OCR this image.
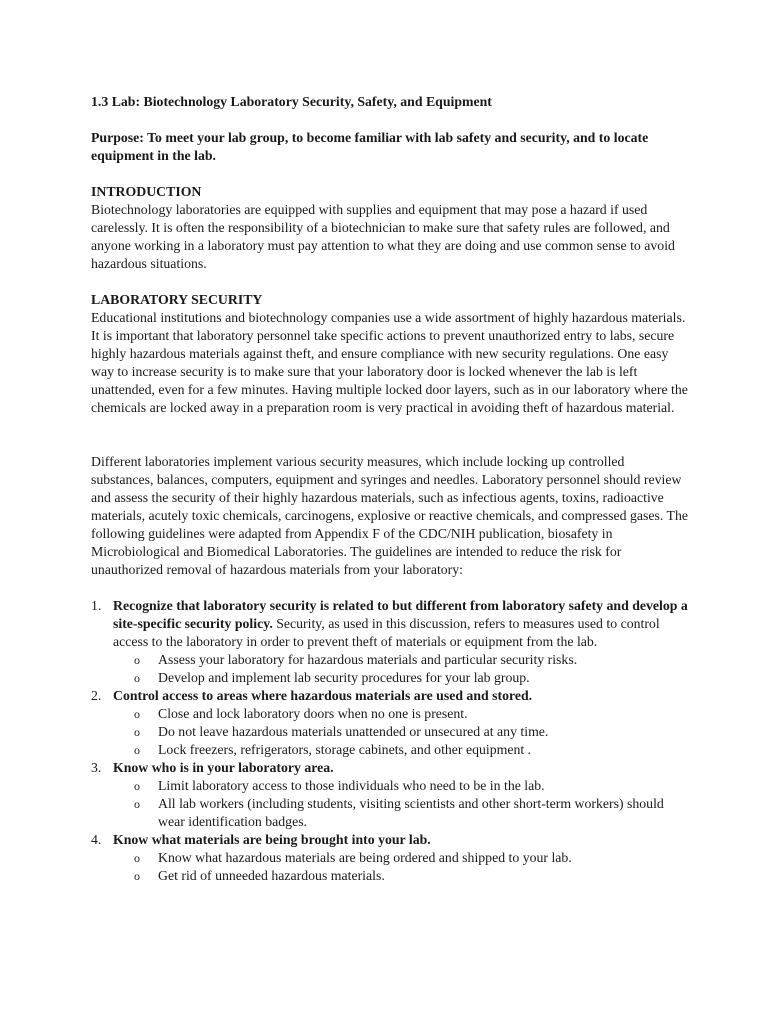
1.3 Lab: Biotechnology Laboratory Security, Safety, and Equipment
Purpose: To meet your lab group, to become familiar with lab safety and security, and to locate equipment in the lab.
INTRODUCTION

Biotechnology laboratories are equipped with supplies and equipment that may pose a hazard if used carelessly. It is often the responsibility of a biotechnician to make sure that safety rules are followed, and anyone working in a laboratory must pay attention to what they are doing and use common sense to avoid hazardous situations.

LABORATORY SECURITY

Educational institutions and biotechnology companies use a wide assortment of highly hazardous materials. It is important that laboratory personnel take specific actions to prevent unauthorized entry to labs, secure highly hazardous materials against theft, and ensure compliance with new security regulations. One easy way to increase security is to make sure that your laboratory door is locked whenever the lab is left unattended, even for a few minutes. Having multiple locked door layers, such as in our laboratory where the chemicals are locked away in a preparation room is very practical in avoiding theft of hazardous material.

Different laboratories implement various security measures, which include locking up controlled substances, balances, computers, equipment and syringes and needles. Laboratory personnel should review and assess the security of their highly hazardous materials, such as infectious agents, toxins, radioactive materials, acutely toxic chemicals, carcinogens, explosive or reactive chemicals, and compressed gases. The following guidelines were adapted from Appendix F of the CDC/NIH publication, biosafety in Microbiological and Biomedical Laboratories. The guidelines are intended to reduce the risk for unauthorized removal of hazardous materials from your laboratory:

1. Recognize that laboratory security is related to but different from laboratory safety and develop a site-specific security policy. Security, as used in this discussion, refers to measures used to control access to the laboratory in order to prevent theft of materials or equipment from the lab.
o Assess your laboratory for hazardous materials and particular security risks.
o Develop and implement lab security procedures for your lab group.
2. Control access to areas where hazardous materials are used and stored.
o Close and lock laboratory doors when no one is present.
o Do not leave hazardous materials unattended or unsecured at any time.
o Lock freezers, refrigerators, storage cabinets, and other equipment .
3. Know who is in your laboratory area.
o Limit laboratory access to those individuals who need to be in the lab.
o All lab workers (including students, visiting scientists and other short-term workers) should wear identification badges.
4. Know what materials are being brought into your lab.
o Know what hazardous materials are being ordered and shipped to your lab.
o Get rid of unneeded hazardous materials.
